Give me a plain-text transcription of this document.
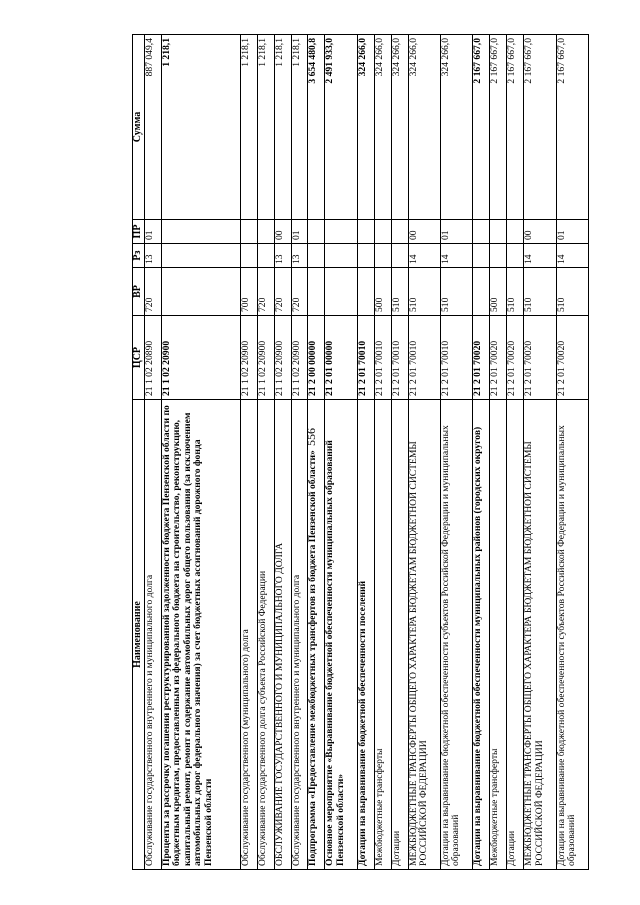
556
Наименование	ЦСР	ВР	Рз	ПР	Сумма
Обслуживание государственного внутреннего и муниципального долга	21 1 02 20890	720	13	01	887 049,4
Проценты за рассрочку погашения реструктурированной задолженности бюджета Пензенской области по бюджетным кредитам, предоставленным из федерального бюджета на строительство, реконструкцию, капитальный ремонт, ремонт и содержание автомобильных дорог общего пользования (за исключением автомобильных дорог федерального значения) за счет бюджетных ассигнований дорожного фонда Пензенской области	21 1 02 20900				1 218,1
Обслуживание государственного (муниципального) долга	21 1 02 20900	700			1 218,1
Обслуживание государственного долга субъекта Российской Федерации	21 1 02 20900	720			1 218,1
ОБСЛУЖИВАНИЕ ГОСУДАРСТВЕННОГО И МУНИЦИПАЛЬНОГО ДОЛГА	21 1 02 20900	720	13	00	1 218,1
Обслуживание государственного внутреннего и муниципального долга	21 1 02 20900	720	13	01	1 218,1
Подпрограмма «Предоставление межбюджетных трансфертов из бюджета Пензенской области»	21 2 00 00000				3 654 480,8
Основное мероприятие «Выравнивание бюджетной обеспеченности муниципальных образований Пензенской области»	21 2 01 00000				2 491 933,0
Дотации на выравнивание бюджетной обеспеченности поселений	21 2 01 70010				324 266,0
Межбюджетные трансферты	21 2 01 70010	500			324 266,0
Дотации	21 2 01 70010	510			324 266,0
МЕЖБЮДЖЕТНЫЕ ТРАНСФЕРТЫ ОБЩЕГО ХАРАКТЕРА БЮДЖЕТАМ БЮДЖЕТНОЙ СИСТЕМЫ РОССИЙСКОЙ ФЕДЕРАЦИИ	21 2 01 70010	510	14	00	324 266,0
Дотации на выравнивание бюджетной обеспеченности субъектов Российской Федерации и муниципальных образований	21 2 01 70010	510	14	01	324 266,0
Дотации на выравнивание бюджетной обеспеченности муниципальных районов (городских округов)	21 2 01 70020				2 167 667,0
Межбюджетные трансферты	21 2 01 70020	500			2 167 667,0
Дотации	21 2 01 70020	510			2 167 667,0
МЕЖБЮДЖЕТНЫЕ ТРАНСФЕРТЫ ОБЩЕГО ХАРАКТЕРА БЮДЖЕТАМ БЮДЖЕТНОЙ СИСТЕМЫ РОССИЙСКОЙ ФЕДЕРАЦИИ	21 2 01 70020	510	14	00	2 167 667,0
Дотации на выравнивание бюджетной обеспеченности субъектов Российской Федерации и муниципальных образований	21 2 01 70020	510	14	01	2 167 667,0
